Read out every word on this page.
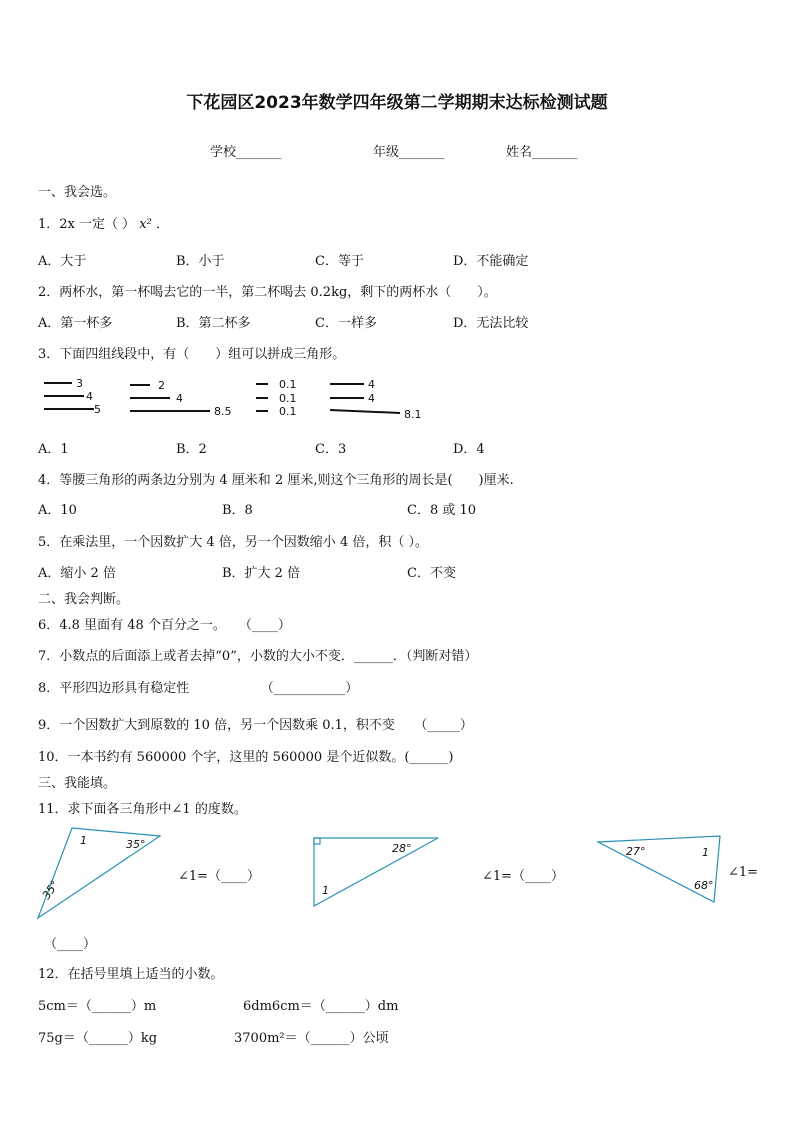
下花园区2023年数学四年级第二学期期末达标检测试题
学校_______	年级_______	姓名_______
一、我会选。
1．2x 一定（ ） x² ．
A．大于	B．小于	C．等于	D．不能确定
2．两杯水，第一杯喝去它的一半，第二杯喝去 0.2kg，剩下的两杯水（　　）。
A．第一杯多	B．第二杯多	C．一样多	D．无法比较
3．下面四组线段中，有（　　）组可以拼成三角形。
3
4
5
2
4
8.5
0.1
0.1
0.1
4
4
8.1
A．1	B．2	C．3	D．4
4．等腰三角形的两条边分别为 4 厘米和 2 厘米,则这个三角形的周长是(　　)厘米.
A．10	B．8	C．8 或 10
5．在乘法里，一个因数扩大 4 倍，另一个因数缩小 4 倍，积（ ）。
A．缩小 2 倍	B．扩大 2 倍	C．不变
二、我会判断。
6．4.8 里面有 48 个百分之一。　　（____）
7．小数点的后面添上或者去掉“0”，小数的大小不变．______．（判断对错）
8．平形四边形具有稳定性　　　　　　（___________）
9．一个因数扩大到原数的 10 倍，另一个因数乘 0.1，积不变　　（_____）
10．一本书约有 560000 个字，这里的 560000 是个近似数。(______)
三、我能填。
11．求下面各三角形中∠1 的度数。
1	35°
35°
28°
1
27°	1
68°
∠1=（____）	∠1=（____）	∠1=
（____）
12．在括号里填上适当的小数。
5cm＝（______）m	6dm6cm＝（______）dm
75g＝（______）kg	3700m²＝（______）公顷
